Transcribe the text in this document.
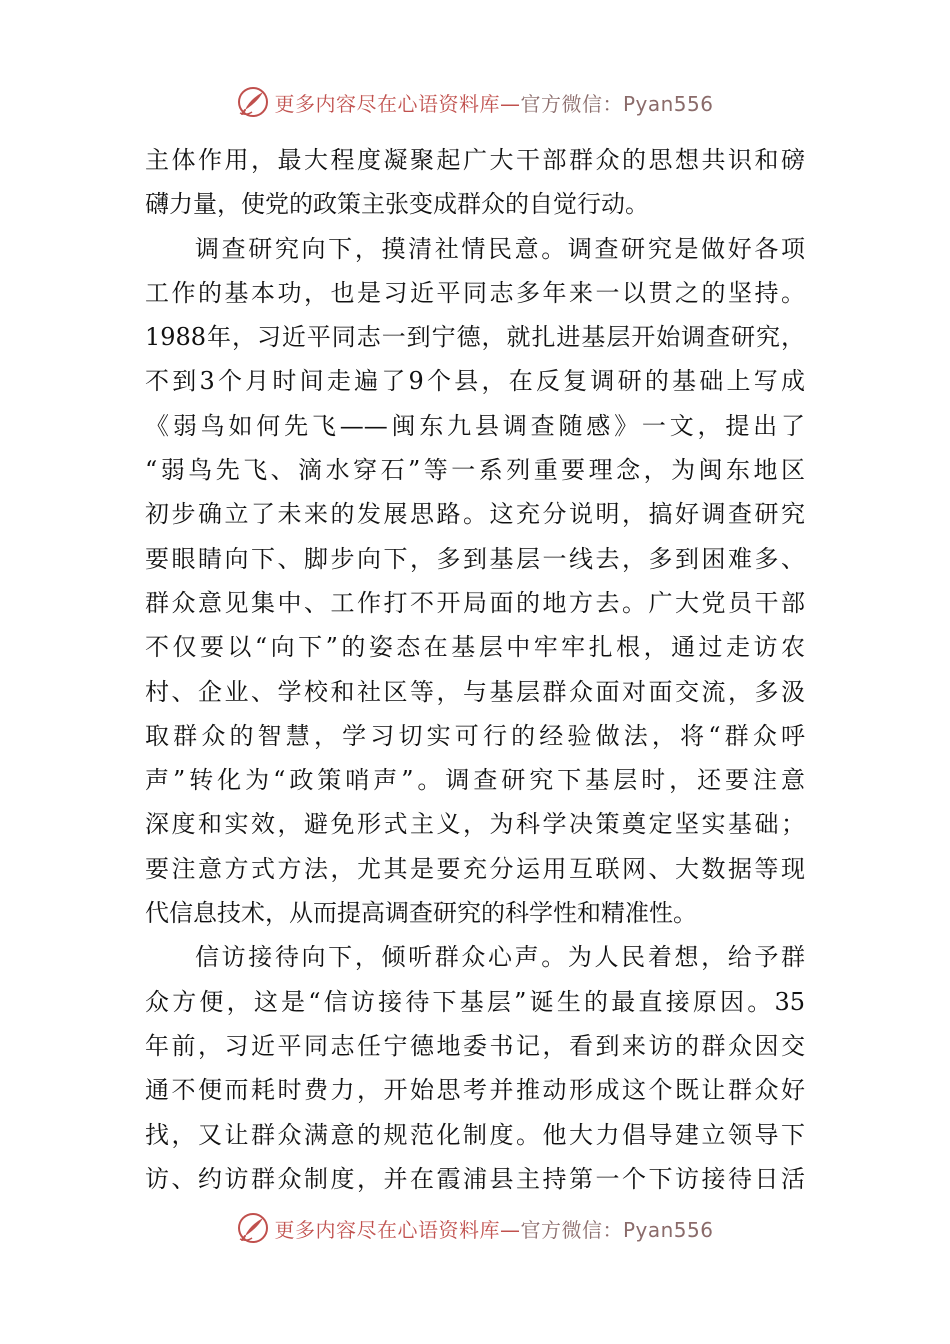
更多内容尽在心语资料库—官方微信：Pyan556
主体作用，最大程度凝聚起广大干部群众的思想共识和磅
礴力量，使党的政策主张变成群众的自觉行动。
调查研究向下，摸清社情民意。调查研究是做好各项
工作的基本功，也是习近平同志多年来一以贯之的坚持。
1988年，习近平同志一到宁德，就扎进基层开始调查研究，
不到3个月时间走遍了9个县，在反复调研的基础上写成
《弱鸟如何先飞——闽东九县调查随感》一文，提出了
“弱鸟先飞、滴水穿石”等一系列重要理念，为闽东地区
初步确立了未来的发展思路。这充分说明，搞好调查研究
要眼睛向下、脚步向下，多到基层一线去，多到困难多、
群众意见集中、工作打不开局面的地方去。广大党员干部
不仅要以“向下”的姿态在基层中牢牢扎根，通过走访农
村、企业、学校和社区等，与基层群众面对面交流，多汲
取群众的智慧，学习切实可行的经验做法，将“群众呼
声”转化为“政策哨声”。调查研究下基层时，还要注意
深度和实效，避免形式主义，为科学决策奠定坚实基础；
要注意方式方法，尤其是要充分运用互联网、大数据等现
代信息技术，从而提高调查研究的科学性和精准性。
信访接待向下，倾听群众心声。为人民着想，给予群
众方便，这是“信访接待下基层”诞生的最直接原因。35
年前，习近平同志任宁德地委书记，看到来访的群众因交
通不便而耗时费力，开始思考并推动形成这个既让群众好
找，又让群众满意的规范化制度。他大力倡导建立领导下
访、约访群众制度，并在霞浦县主持第一个下访接待日活
更多内容尽在心语资料库—官方微信：Pyan556
